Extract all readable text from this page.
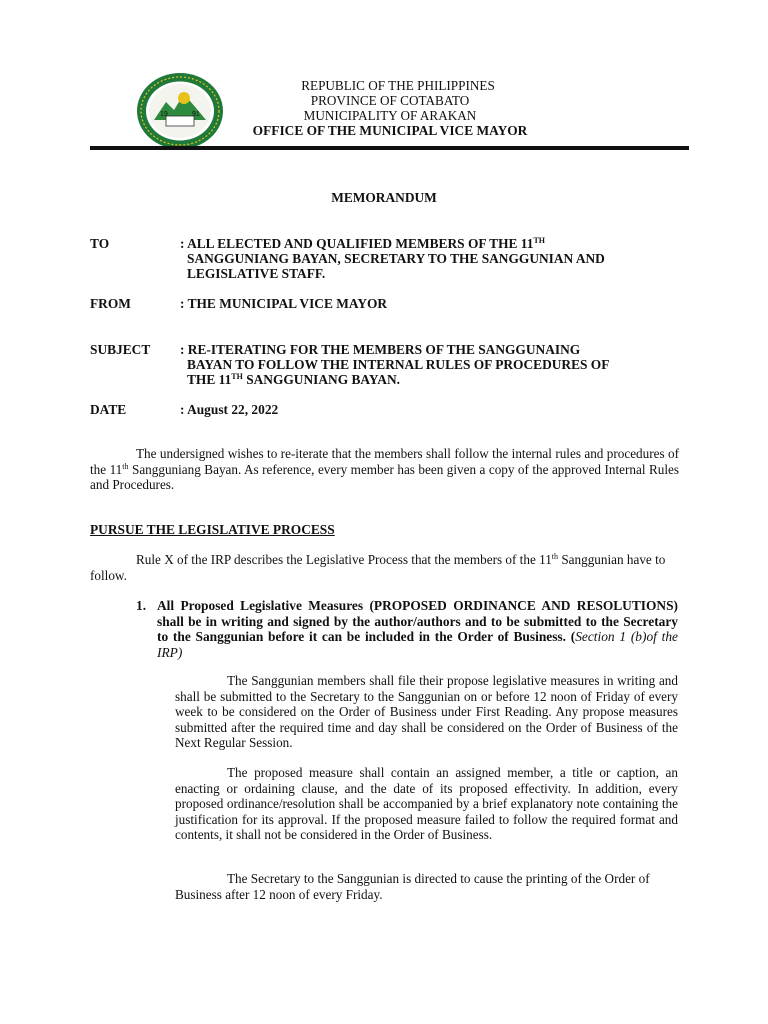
19	91
REPUBLIC OF THE PHILIPPINES
PROVINCE OF COTABATO
MUNICIPALITY OF ARAKAN
OFFICE OF THE MUNICIPAL VICE MAYOR
MEMORANDUM
TO	: ALL ELECTED AND QUALIFIED MEMBERS OF THE 11TH
SANGGUNIANG BAYAN, SECRETARY TO THE SANGGUNIAN AND
LEGISLATIVE STAFF.
FROM	: THE MUNICIPAL VICE MAYOR
SUBJECT : RE-ITERATING FOR THE MEMBERS OF THE SANGGUNAING
BAYAN TO FOLLOW THE INTERNAL RULES OF PROCEDURES OF
THE 11TH SANGGUNIANG BAYAN.
DATE	: August 22, 2022
The undersigned wishes to re-iterate that the members shall follow the internal rules and procedures of the 11th Sangguniang Bayan. As reference, every member has been given a copy of the approved Internal Rules and Procedures.
PURSUE THE LEGISLATIVE PROCESS
Rule X of the IRP describes the Legislative Process that the members of the 11th Sanggunian have to follow.
1. All Proposed Legislative Measures (PROPOSED ORDINANCE AND RESOLUTIONS) shall be in writing and signed by the author/authors and to be submitted to the Secretary to the Sanggunian before it can be included in the Order of Business. (Section 1 (b)of the IRP)
The Sanggunian members shall file their propose legislative measures in writing and shall be submitted to the Secretary to the Sanggunian on or before 12 noon of Friday of every week to be considered on the Order of Business under First Reading. Any propose measures submitted after the required time and day shall be considered on the Order of Business of the Next Regular Session.
The proposed measure shall contain an assigned member, a title or caption, an enacting or ordaining clause, and the date of its proposed effectivity. In addition, every proposed ordinance/resolution shall be accompanied by a brief explanatory note containing the justification for its approval. If the proposed measure failed to follow the required format and contents, it shall not be considered in the Order of Business.
The Secretary to the Sanggunian is directed to cause the printing of the Order of Business after 12 noon of every Friday.
